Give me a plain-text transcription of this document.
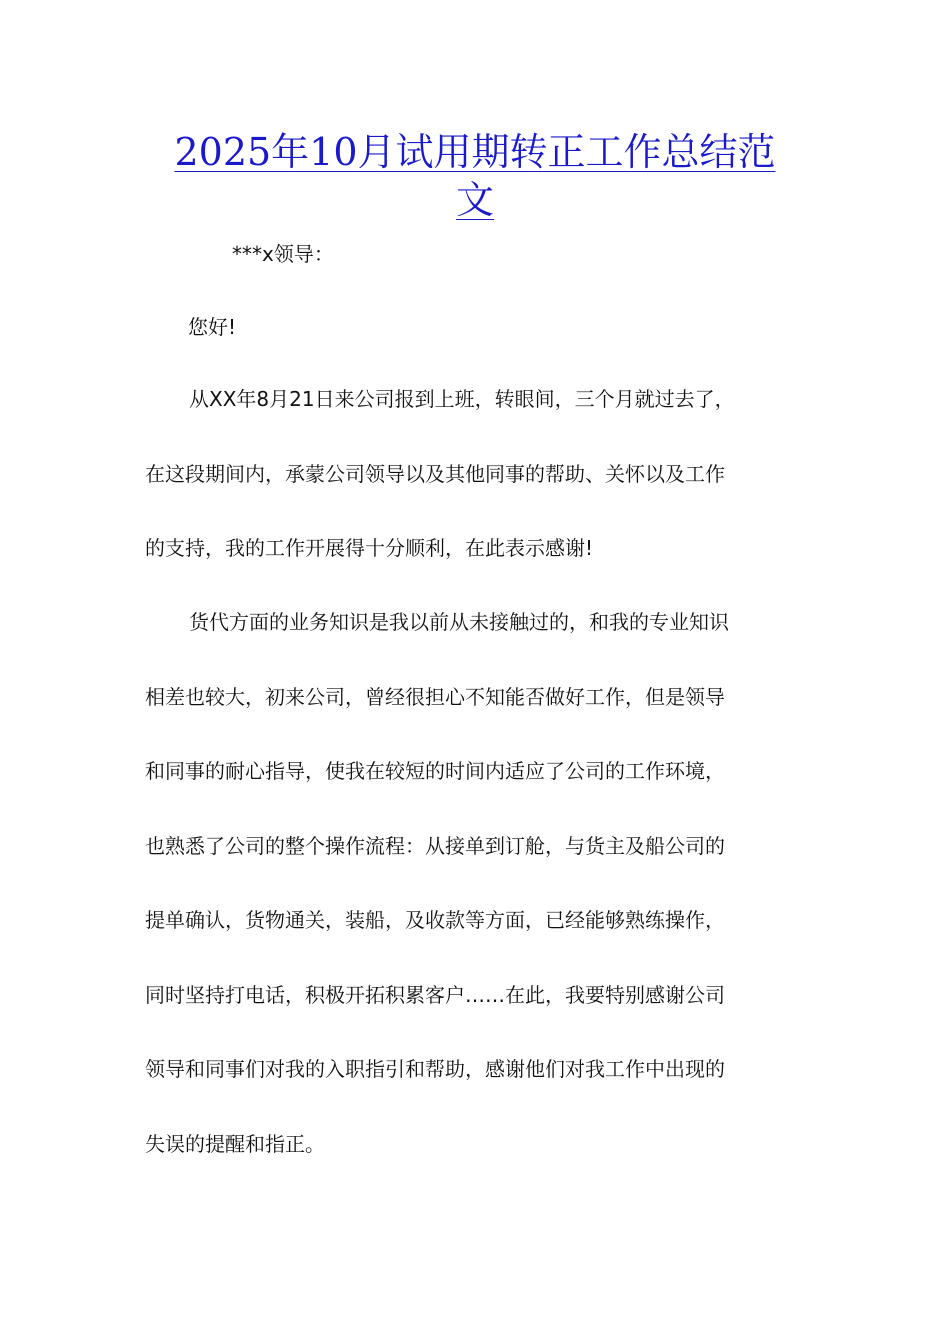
2025年10月试用期转正工作总结范
文

***x领导：

您好!

从XX年8月21日来公司报到上班，转眼间，三个月就过去了，
在这段期间内，承蒙公司领导以及其他同事的帮助、关怀以及工作
的支持，我的工作开展得十分顺利，在此表示感谢!
货代方面的业务知识是我以前从未接触过的，和我的专业知识
相差也较大，初来公司，曾经很担心不知能否做好工作，但是领导
和同事的耐心指导，使我在较短的时间内适应了公司的工作环境，
也熟悉了公司的整个操作流程：从接单到订舱，与货主及船公司的
提单确认，货物通关，装船，及收款等方面，已经能够熟练操作，
同时坚持打电话，积极开拓积累客户……在此，我要特别感谢公司
领导和同事们对我的入职指引和帮助，感谢他们对我工作中出现的
失误的提醒和指正。
